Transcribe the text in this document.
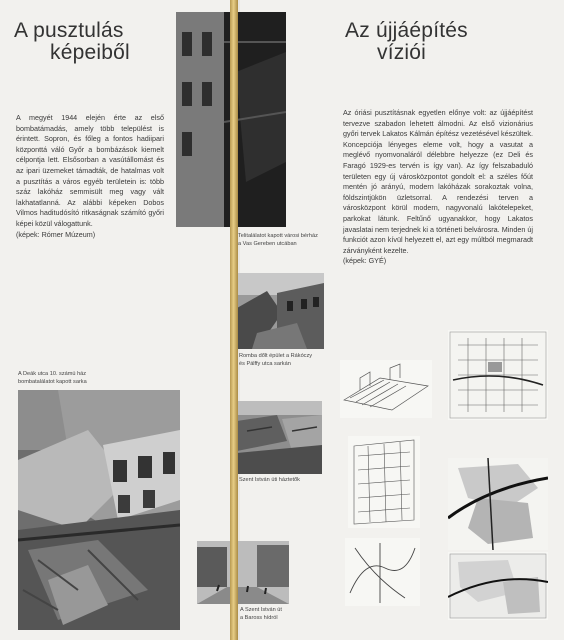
A pusztulás
képeiből

A megyét 1944 elején érte az első bombatámadás, amely több települést is érintett. Sopron, és főleg a fontos hadiipari központtá váló Győr a bombázások kiemelt célpontja lett. Elsősorban a vasútállomást és az ipari üzemeket támadták, de hatalmas volt a pusztítás a város egyéb területein is: több száz lakóház semmisült meg vagy vált lakhatatlanná. Az alábbi képeken Dobos Vilmos haditudósító ritkaságnak számító győri képei közül válogattunk.

(képek: Rómer Múzeum)

A Deák utca 10. számú ház
bombatalálatot kapott sarka
Telitalálatot kapott városi bérház
a Vas Gereben utcában
Romba dőlt épület a Rákóczy
és Pálffy utca sarkán
Szent István úti háztetők
A Szent István út
a Baross hídról
Az újjáépítés
víziói

Az óriási pusztításnak egyetlen előnye volt: az újjáépítést tervezve szabadon lehetett álmodni. Az első vizionárius győri tervek Lakatos Kálmán építész vezetésével készültek. Koncepciója lényeges eleme volt, hogy a vasutat a meglévő nyomvonaláról délebbre helyezze (ez Deli és Faragó 1929-es tervén is így van). Az így felszabaduló területen egy új városközpontot gondolt el: a széles főút mentén jó arányú, modern lakóházak sorakoztak volna, földszintjükön üzletsorral. A rendezési terven a városközpont körül modern, nagyvonalú lakótelepeket, parkokat látunk. Feltűnő ugyanakkor, hogy Lakatos javaslatai nem terjednek ki a történeti belvárosra. Minden új funkciót azon kívül helyezett el, azt egy múltból megmaradt zárványként kezelte.

(képek: GYÉ)
